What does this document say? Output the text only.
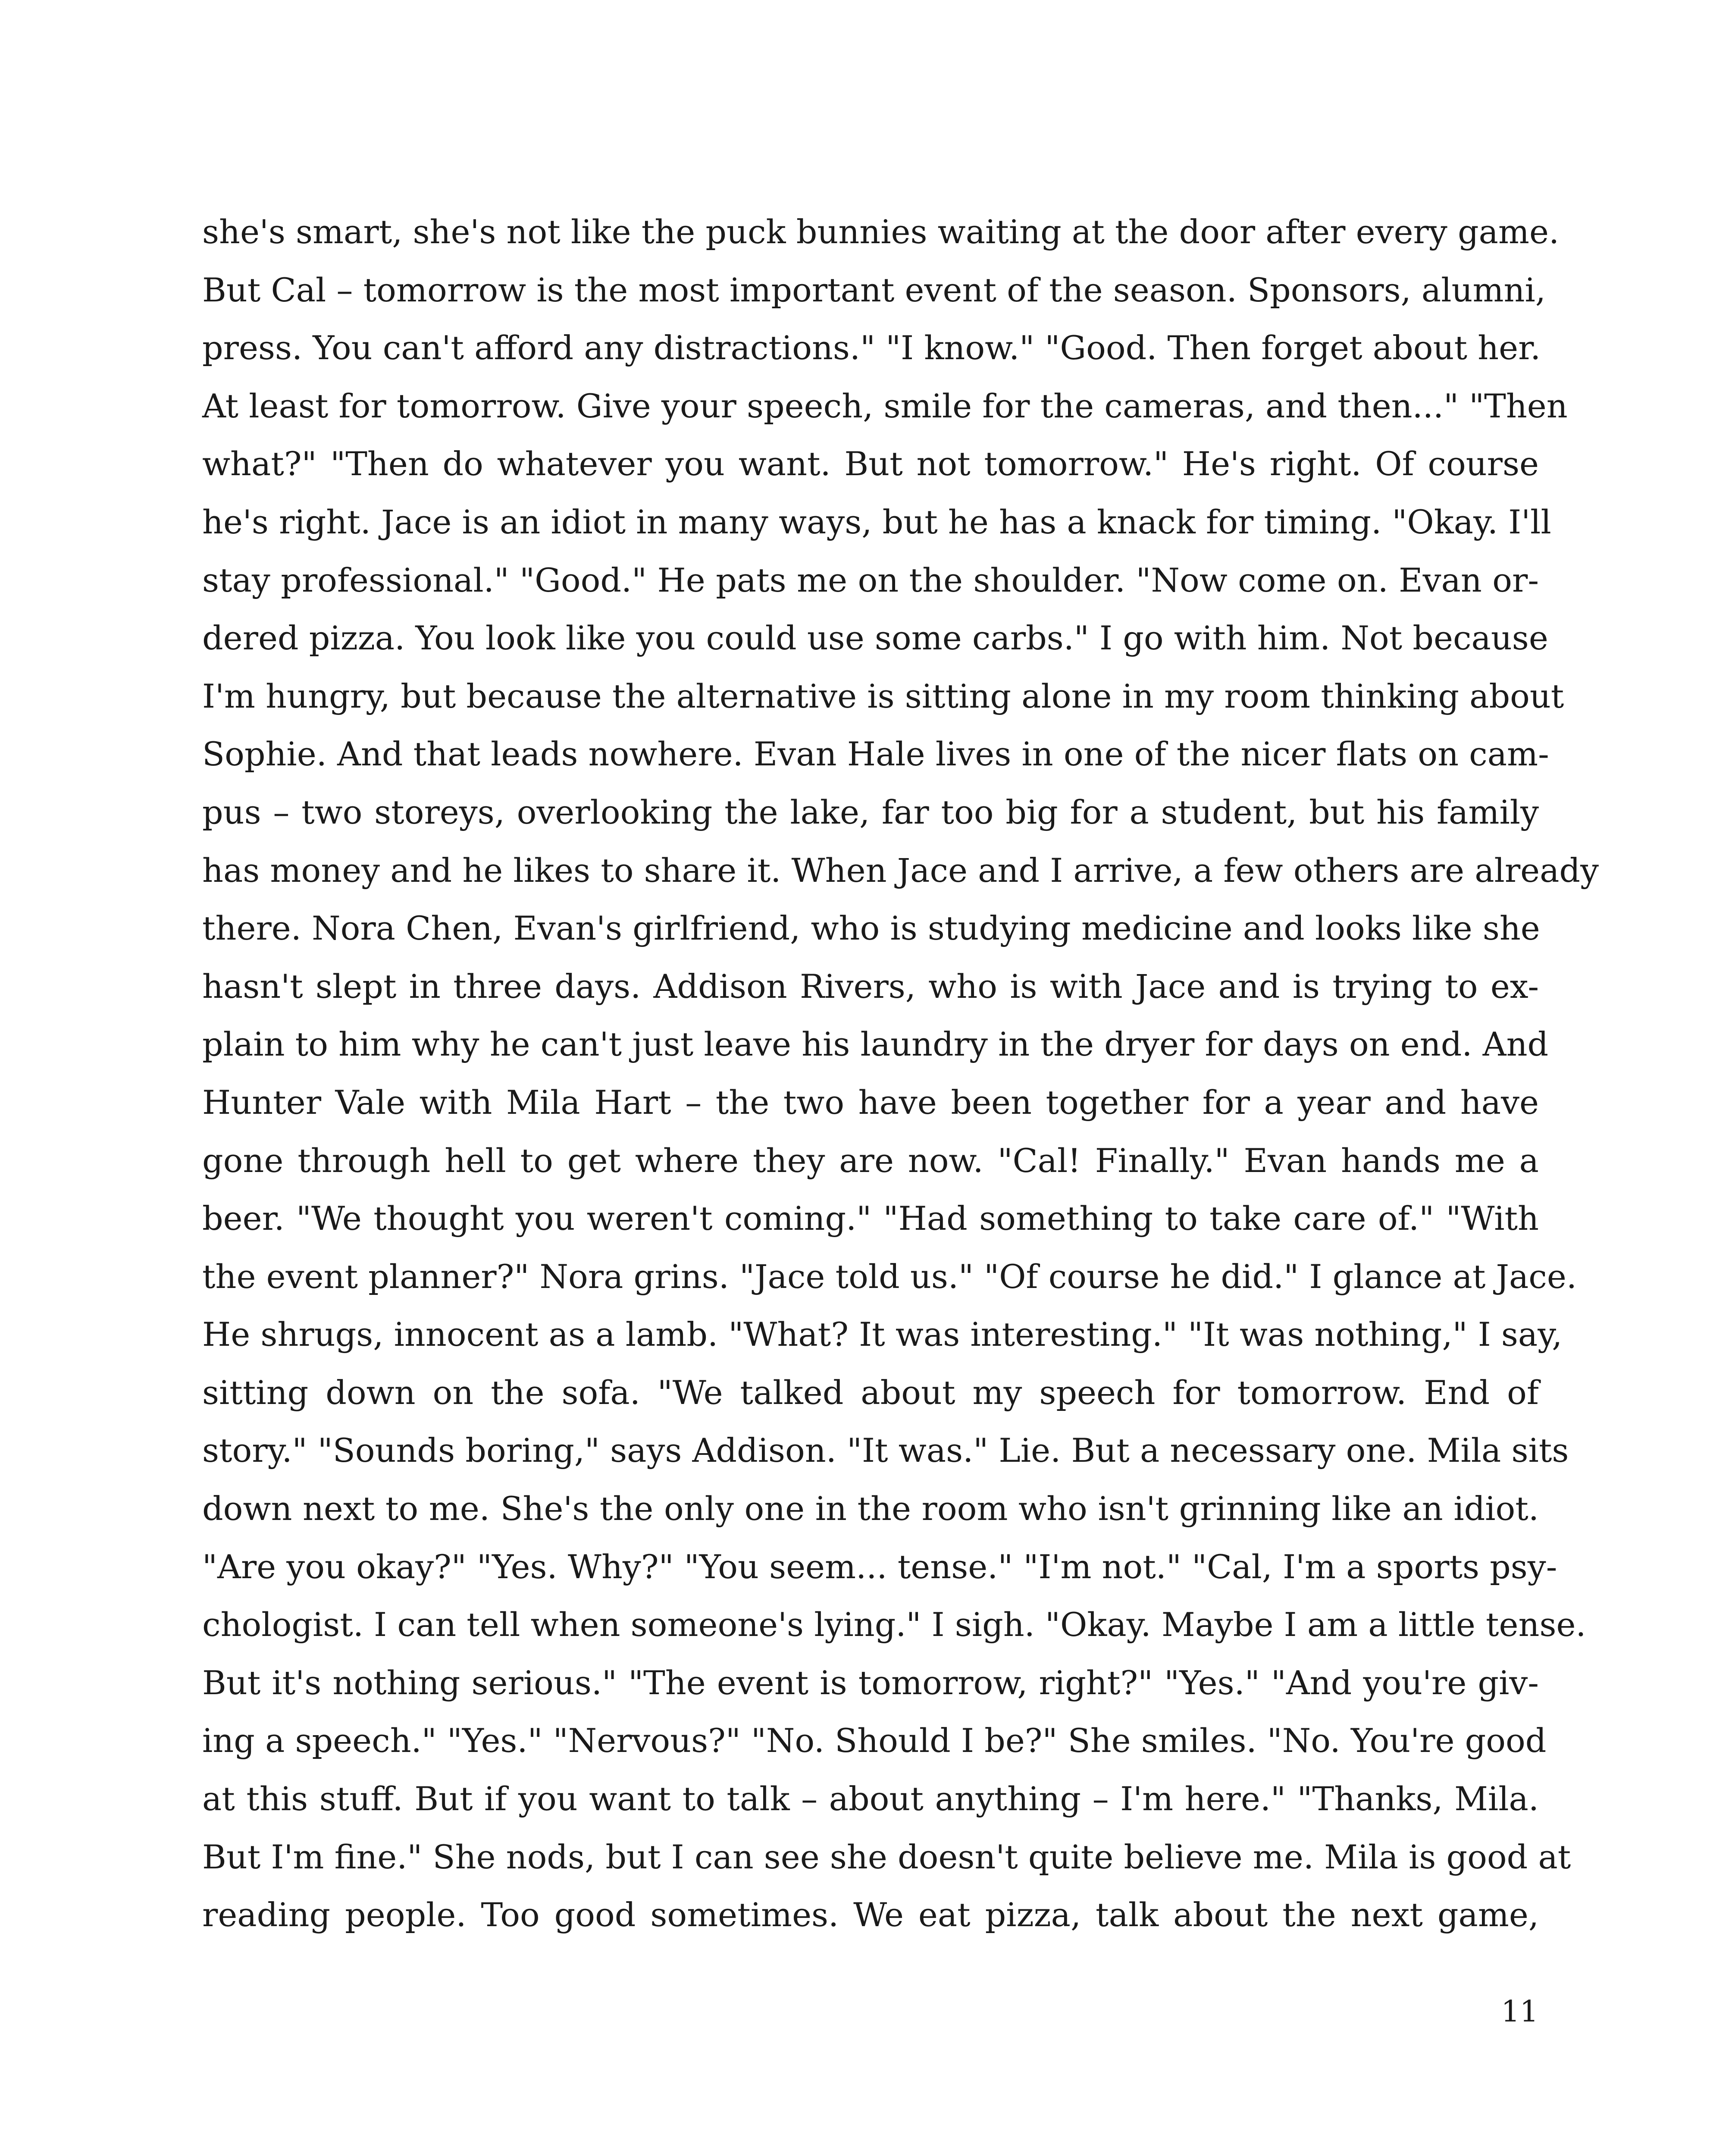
she's smart, she's not like the puck bunnies waiting at the door after every game.
But Cal – tomorrow is the most important event of the season. Sponsors, alumni,
press. You can't afford any distractions." "I know." "Good. Then forget about her.
At least for tomorrow. Give your speech, smile for the cameras, and then..." "Then
what?" "Then do whatever you want. But not tomorrow." He's right. Of course
he's right. Jace is an idiot in many ways, but he has a knack for timing. "Okay. I'll
stay professional." "Good." He pats me on the shoulder. "Now come on. Evan or-
dered pizza. You look like you could use some carbs." I go with him. Not because
I'm hungry, but because the alternative is sitting alone in my room thinking about
Sophie. And that leads nowhere. Evan Hale lives in one of the nicer flats on cam-
pus – two storeys, overlooking the lake, far too big for a student, but his family
has money and he likes to share it. When Jace and I arrive, a few others are already
there. Nora Chen, Evan's girlfriend, who is studying medicine and looks like she
hasn't slept in three days. Addison Rivers, who is with Jace and is trying to ex-
plain to him why he can't just leave his laundry in the dryer for days on end. And
Hunter Vale with Mila Hart – the two have been together for a year and have
gone through hell to get where they are now. "Cal! Finally." Evan hands me a
beer. "We thought you weren't coming." "Had something to take care of." "With
the event planner?" Nora grins. "Jace told us." "Of course he did." I glance at Jace.
He shrugs, innocent as a lamb. "What? It was interesting." "It was nothing," I say,
sitting down on the sofa. "We talked about my speech for tomorrow. End of
story." "Sounds boring," says Addison. "It was." Lie. But a necessary one. Mila sits
down next to me. She's the only one in the room who isn't grinning like an idiot.
"Are you okay?" "Yes. Why?" "You seem... tense." "I'm not." "Cal, I'm a sports psy-
chologist. I can tell when someone's lying." I sigh. "Okay. Maybe I am a little tense.
But it's nothing serious." "The event is tomorrow, right?" "Yes." "And you're giv-
ing a speech." "Yes." "Nervous?" "No. Should I be?" She smiles. "No. You're good
at this stuff. But if you want to talk – about anything – I'm here." "Thanks, Mila.
But I'm fine." She nods, but I can see she doesn't quite believe me. Mila is good at
reading people. Too good sometimes. We eat pizza, talk about the next game,
11
